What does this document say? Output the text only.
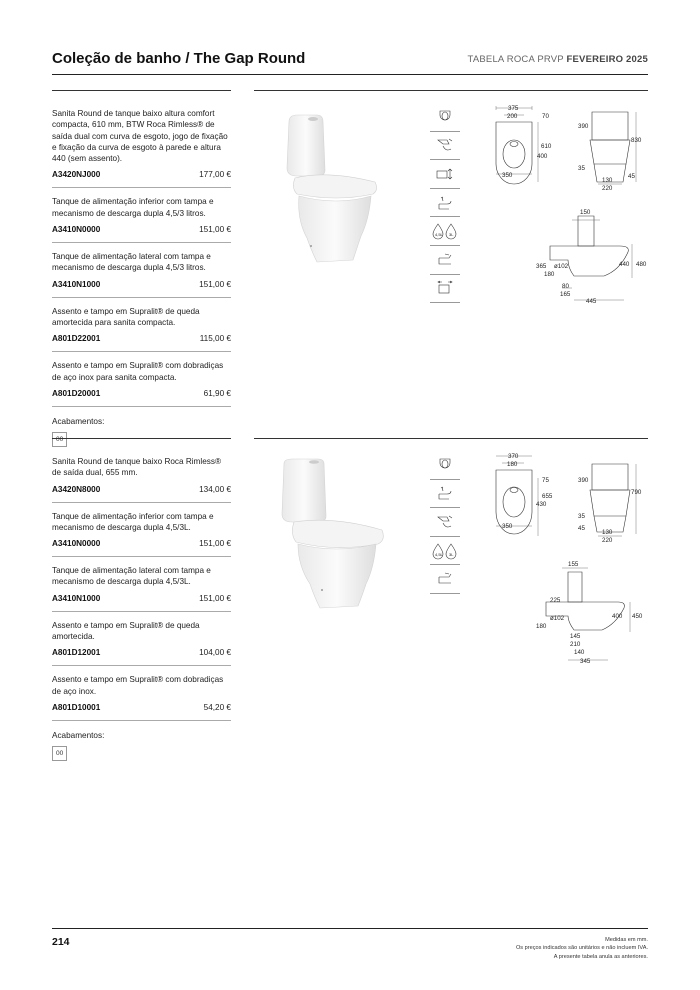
Coleção de banho / The Gap Round	TABELA ROCA PRVP FEVEREIRO 2025
Sanita Round de tanque baixo altura comfort compacta, 610 mm, BTW Roca Rimless® de saída dual com curva de esgoto, jogo de fixação e fixação da curva de esgoto à parede e altura 440 (sem assento).
A3420NJ000	177,00 €
Tanque de alimentação inferior com tampa e mecanismo de descarga dupla 4,5/3 litros.
A3410N0000	151,00 €
Tanque de alimentação lateral com tampa e mecanismo de descarga dupla 4,5/3 litros.
A3410N1000	151,00 €
Assento e tampo em Supralit® de queda amortecida para sanita compacta.
A801D22001	115,00 €
Assento e tampo em Supralit® com dobradiças de aço inox para sanita compacta.
A801D20001	61,90 €
Acabamentos:
00
4,5L 3L
375
200	70
610
400
350
390
830
35
130
220
45
150
440 480
365 ø102
180
80
165
445
Sanita Round de tanque baixo Roca Rimless® de saída dual, 655 mm.
A3420N8000	134,00 €
Tanque de alimentação inferior com tampa e mecanismo de descarga dupla 4,5/3L.
A3410N0000	151,00 €
Tanque de alimentação lateral com tampa e mecanismo de descarga dupla 4,5/3L.
A3410N1000	151,00 €
Assento e tampo em Supralit® de queda amortecida.
A801D12001	104,00 €
Assento e tampo em Supralit® com dobradiças de aço inox.
A801D10001	54,20 €
Acabamentos:
00
4,5L 3L
370
180
75
655
430
350
390
790
35
45
130
220
155
225
ø102
180
400 450
145
210
140
345
214	Medidas em mm.
Os preços indicados são unitários e não incluem IVA.
A presente tabela anula as anteriores.
